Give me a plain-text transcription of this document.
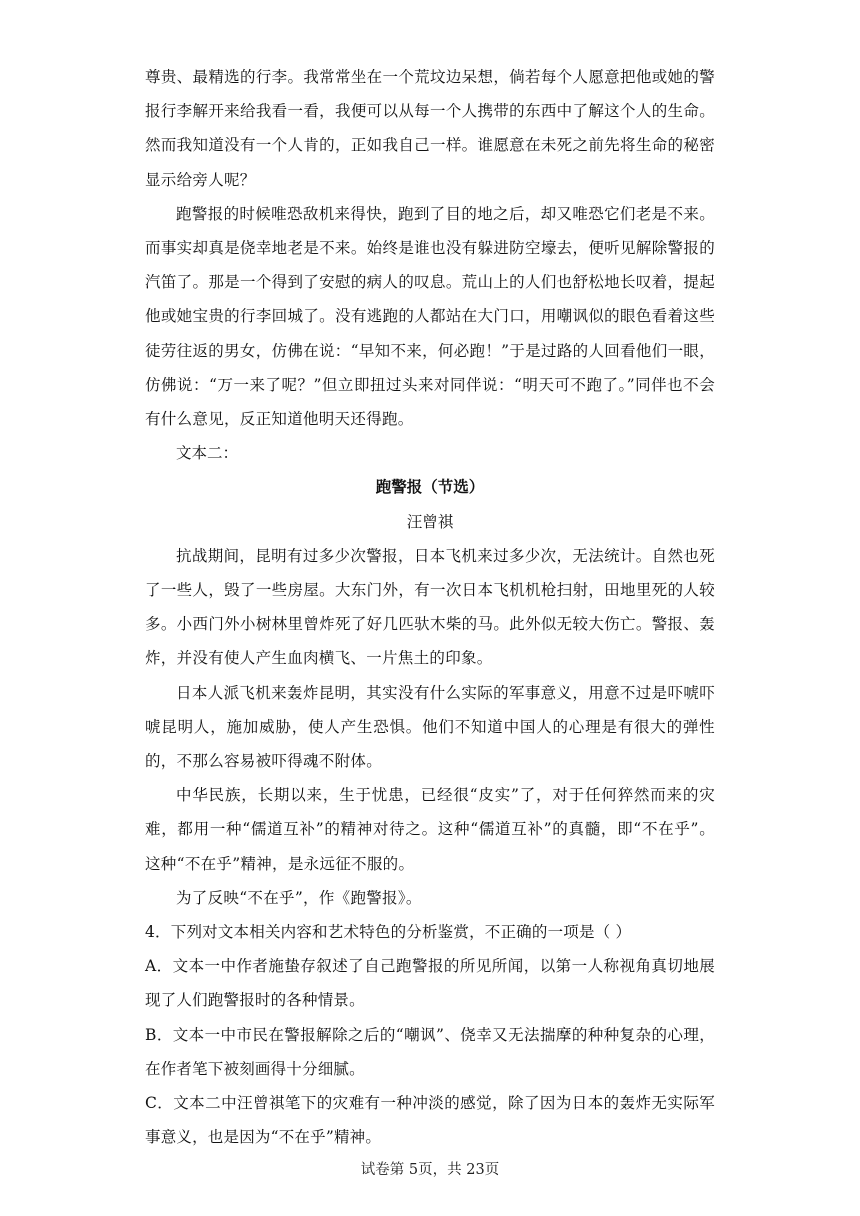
尊贵、最精选的行李。我常常坐在一个荒坟边呆想，倘若每个人愿意把他或她的警报行李解开来给我看一看，我便可以从每一个人携带的东西中了解这个人的生命。然而我知道没有一个人肯的，正如我自己一样。谁愿意在未死之前先将生命的秘密显示给旁人呢？

跑警报的时候唯恐敌机来得快，跑到了目的地之后，却又唯恐它们老是不来。而事实却真是侥幸地老是不来。始终是谁也没有躲进防空壕去，便听见解除警报的汽笛了。那是一个得到了安慰的病人的叹息。荒山上的人们也舒松地长叹着，提起他或她宝贵的行李回城了。没有逃跑的人都站在大门口，用嘲讽似的眼色看着这些徒劳往返的男女，仿佛在说：“早知不来，何必跑！”于是过路的人回看他们一眼，仿佛说：“万一来了呢？”但立即扭过头来对同伴说：“明天可不跑了。”同伴也不会有什么意见，反正知道他明天还得跑。

文本二：

跑警报（节选）

汪曾祺

抗战期间，昆明有过多少次警报，日本飞机来过多少次，无法统计。自然也死了一些人，毁了一些房屋。大东门外，有一次日本飞机机枪扫射，田地里死的人较多。小西门外小树林里曾炸死了好几匹驮木柴的马。此外似无较大伤亡。警报、轰炸，并没有使人产生血肉横飞、一片焦土的印象。

日本人派飞机来轰炸昆明，其实没有什么实际的军事意义，用意不过是吓唬吓唬昆明人，施加威胁，使人产生恐惧。他们不知道中国人的心理是有很大的弹性的，不那么容易被吓得魂不附体。

中华民族，长期以来，生于忧患，已经很“皮实”了，对于任何猝然而来的灾难，都用一种“儒道互补”的精神对待之。这种“儒道互补”的真髓，即“不在乎”。这种“不在乎”精神，是永远征不服的。

为了反映“不在乎”，作《跑警报》。

4．下列对文本相关内容和艺术特色的分析鉴赏，不正确的一项是（ ）

A．文本一中作者施蛰存叙述了自己跑警报的所见所闻，以第一人称视角真切地展现了人们跑警报时的各种情景。

B．文本一中市民在警报解除之后的“嘲讽”、侥幸又无法揣摩的种种复杂的心理，在作者笔下被刻画得十分细腻。

C．文本二中汪曾祺笔下的灾难有一种冲淡的感觉，除了因为日本的轰炸无实际军事意义，也是因为“不在乎”精神。

试卷第 5页，共 23页
